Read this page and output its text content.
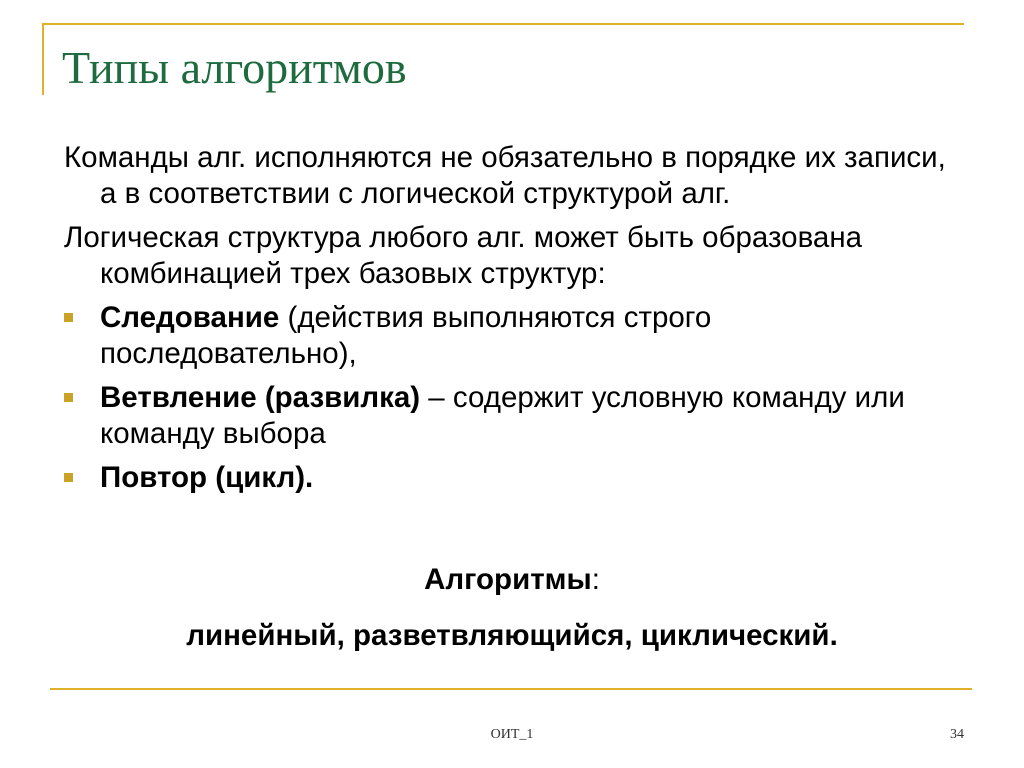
Типы алгоритмов
Команды алг. исполняются не обязательно в порядке их записи, а в соответствии с логической структурой алг.
Логическая структура любого алг. может быть образована комбинацией трех базовых структур:
Следование (действия выполняются строго последовательно),
Ветвление (развилка) – содержит условную команду или команду выбора
Повтор (цикл).
Алгоритмы:
линейный, разветвляющийся, циклический.
ОИТ_1	34
